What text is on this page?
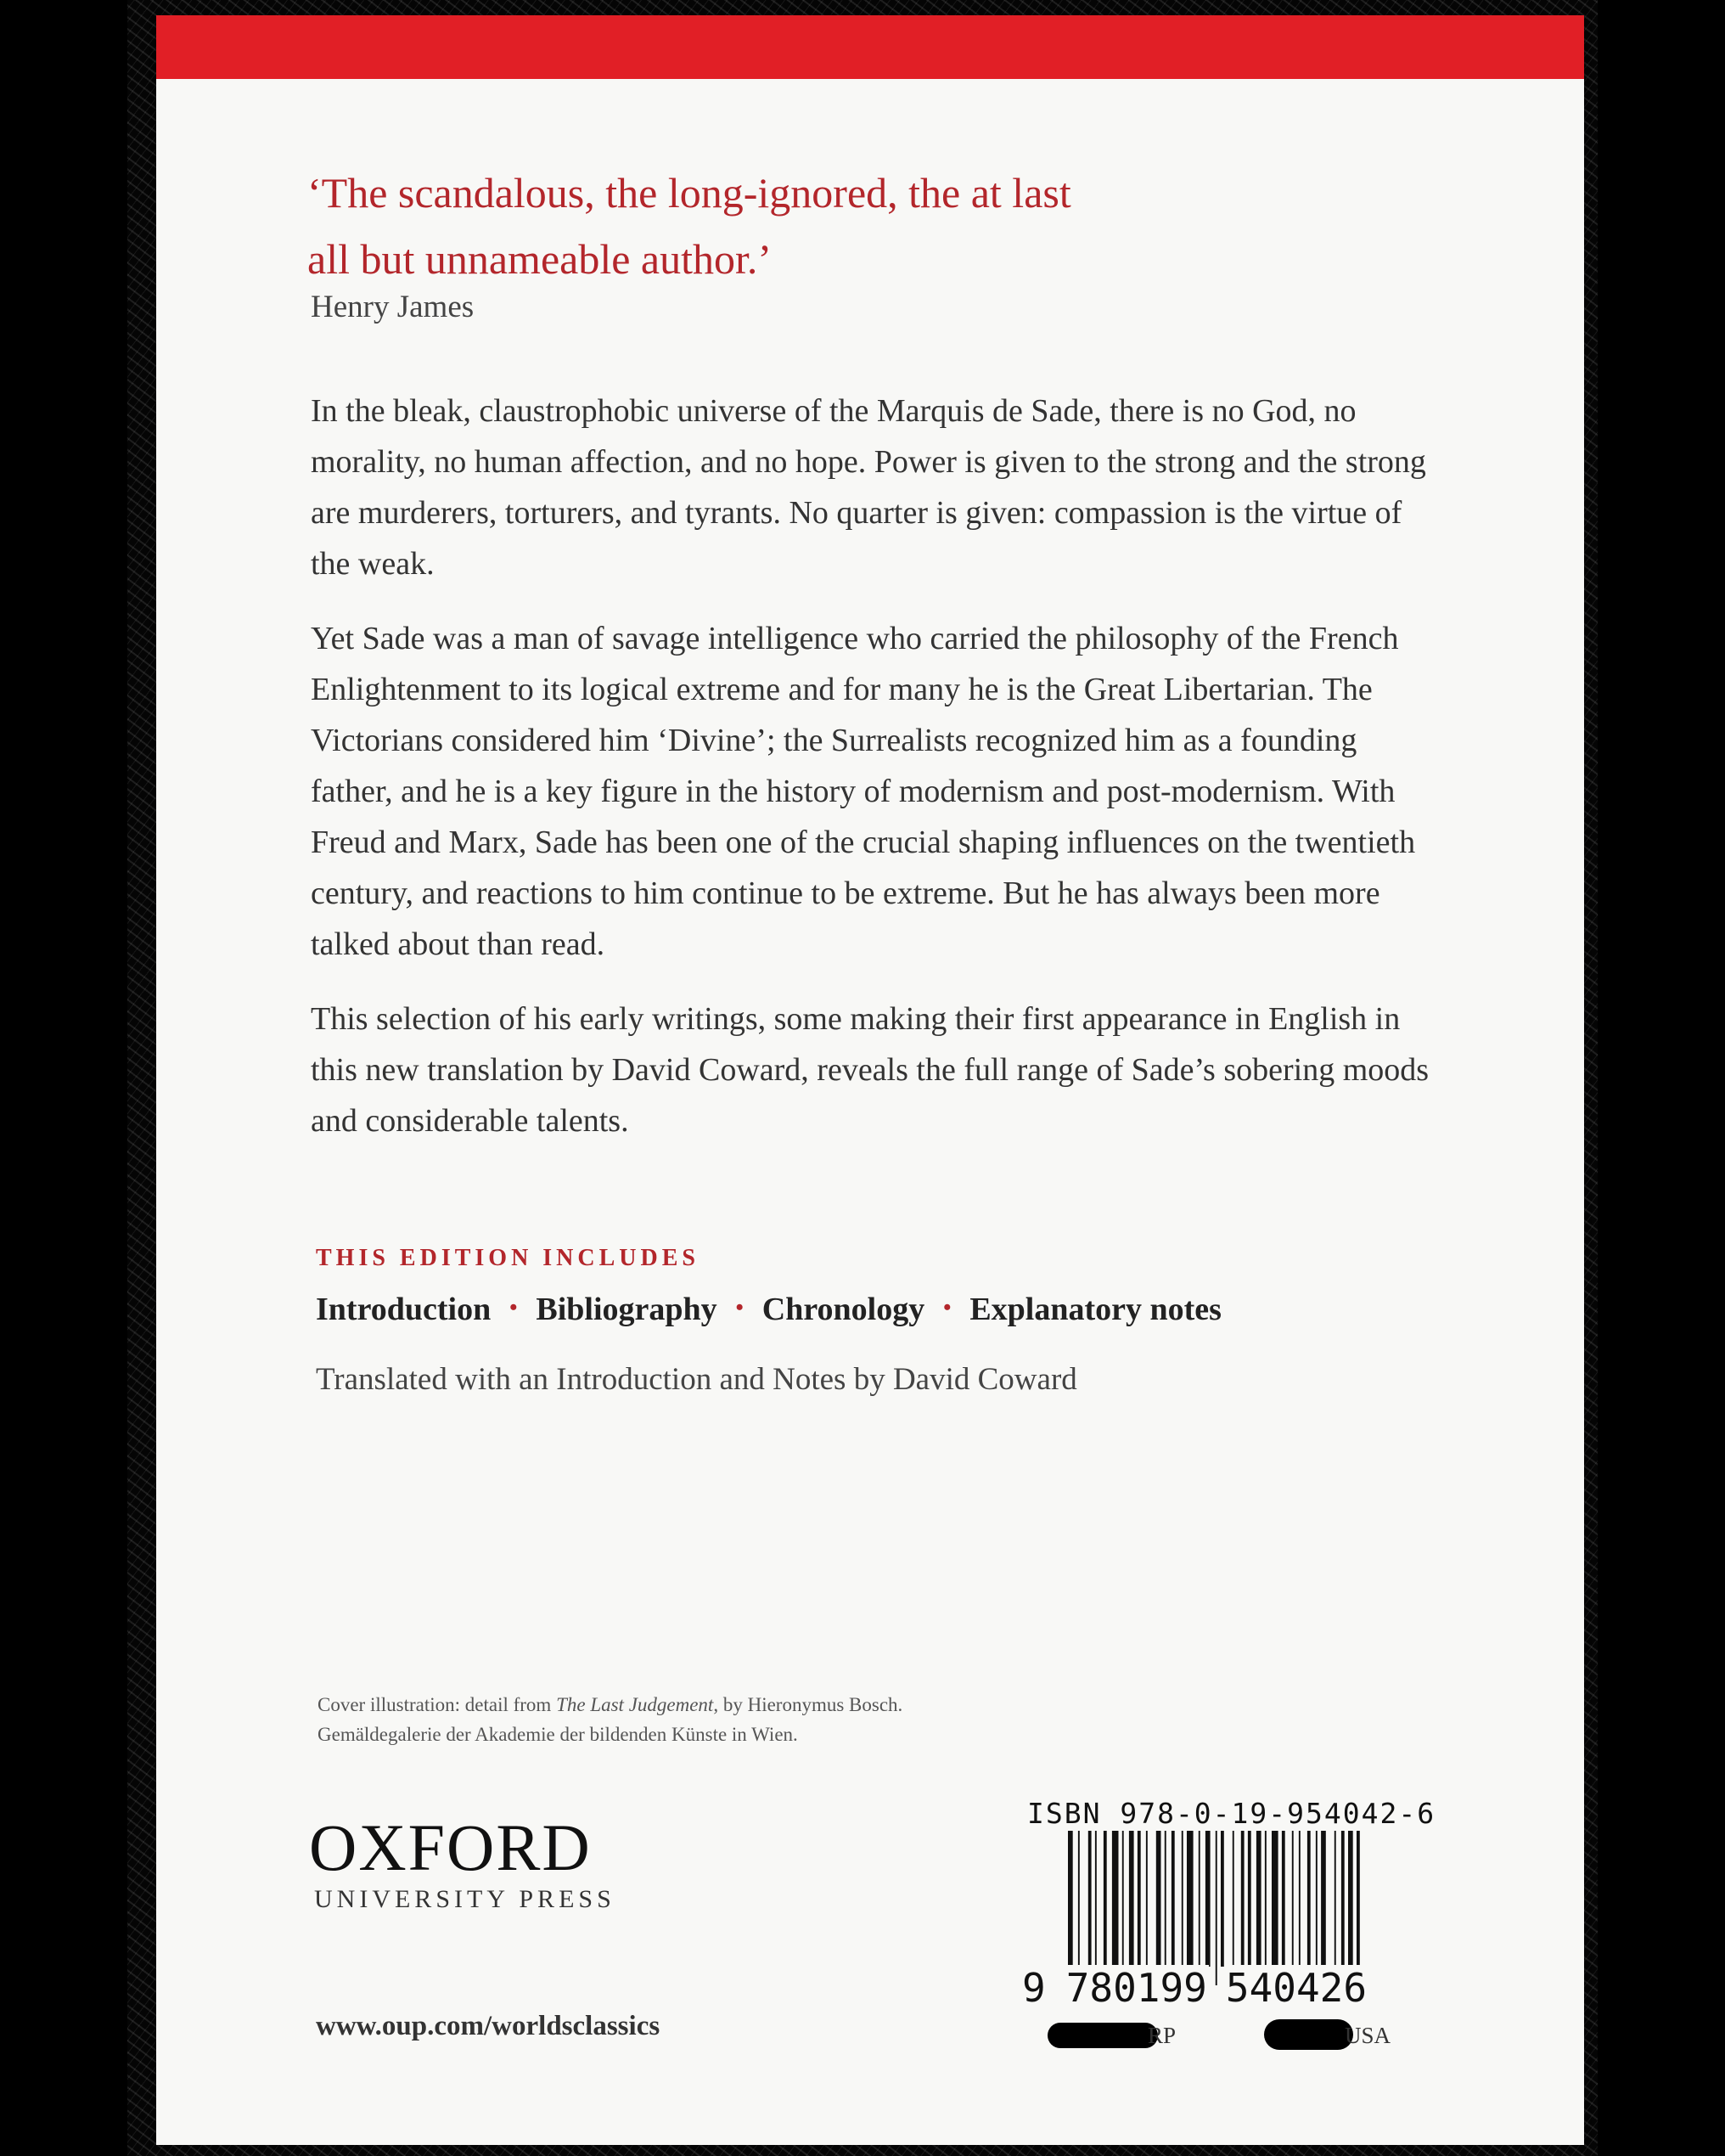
‘The scandalous, the long-ignored, the at last
all but unnameable author.’
Henry James

In the bleak, claustrophobic universe of the Marquis de Sade, there is no God, no morality, no human affection, and no hope. Power is given to the strong and the strong are murderers, torturers, and tyrants. No quarter is given: compassion is the virtue of the weak.

Yet Sade was a man of savage intelligence who carried the philosophy of the French Enlightenment to its logical extreme and for many he is the Great Libertarian. The Victorians considered him ‘Divine’; the Surrealists recognized him as a founding father, and he is a key figure in the history of modernism and post-modernism. With Freud and Marx, Sade has been one of the crucial shaping influences on the twentieth century, and reactions to him continue to be extreme. But he has always been more talked about than read.

This selection of his early writings, some making their first appearance in English in this new translation by David Coward, reveals the full range of Sade’s sobering moods and considerable talents.

THIS EDITION INCLUDES
Introduction • Bibliography • Chronology • Explanatory notes
Translated with an Introduction and Notes by David Coward
Cover illustration: detail from The Last Judgement, by Hieronymus Bosch.
Gemäldegalerie der Akademie der bildenden Künste in Wien.
OXFORD
UNIVERSITY PRESS
www.oup.com/worldsclassics
ISBN 978-0-19-954042-6
9 780199 540426
RP	USA
